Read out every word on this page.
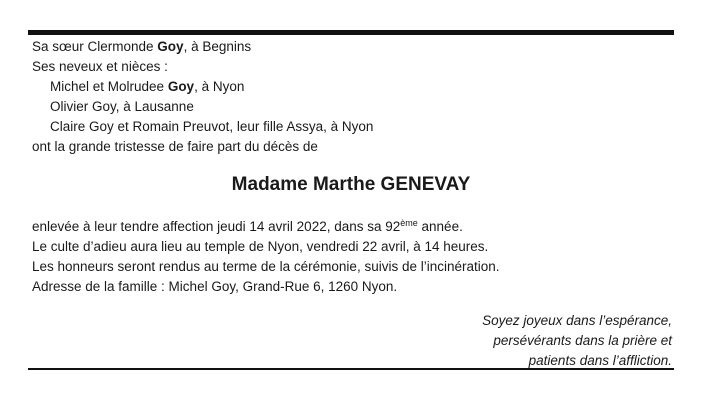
Sa sœur Clermonde Goy, à Begnins
Ses neveux et nièces :
Michel et Molrudee Goy, à Nyon
Olivier Goy, à Lausanne
Claire Goy et Romain Preuvot, leur fille Assya, à Nyon
ont la grande tristesse de faire part du décès de
Madame Marthe GENEVAY
enlevée à leur tendre affection jeudi 14 avril 2022, dans sa 92ème année.
Le culte d’adieu aura lieu au temple de Nyon, vendredi 22 avril, à 14 heures.
Les honneurs seront rendus au terme de la cérémonie, suivis de l’incinération.
Adresse de la famille : Michel Goy, Grand-Rue 6, 1260 Nyon.
Soyez joyeux dans l’espérance,
persévérants dans la prière et
patients dans l’affliction.
